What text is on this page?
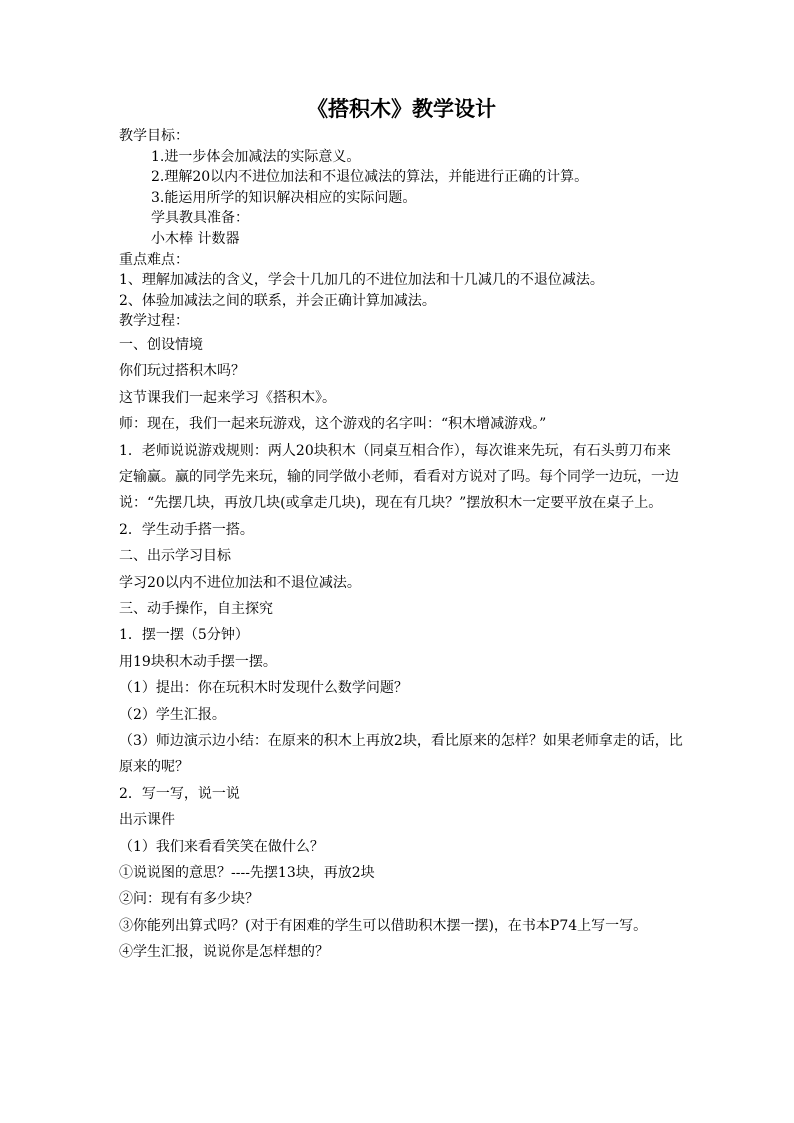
《搭积木》教学设计
教学目标：
1.进一步体会加减法的实际意义。
2.理解20以内不进位加法和不退位减法的算法，并能进行正确的计算。
3.能运用所学的知识解决相应的实际问题。
学具教具准备：
小木棒 计数器
重点难点：
1、理解加减法的含义，学会十几加几的不进位加法和十几减几的不退位减法。
2、体验加减法之间的联系，并会正确计算加减法。
教学过程：
一、创设情境
你们玩过搭积木吗？
这节课我们一起来学习《搭积木》。
师：现在，我们一起来玩游戏，这个游戏的名字叫：“积木增减游戏。”
1．老师说说游戏规则：两人20块积木（同桌互相合作），每次谁来先玩，有石头剪刀布来定输赢。赢的同学先来玩，输的同学做小老师，看看对方说对了吗。每个同学一边玩，一边说：“先摆几块，再放几块(或拿走几块)，现在有几块？”摆放积木一定要平放在桌子上。
2．学生动手搭一搭。
二、出示学习目标
学习20以内不进位加法和不退位减法。
三、动手操作，自主探究
1．摆一摆（5分钟）
用19块积木动手摆一摆。
（1）提出：你在玩积木时发现什么数学问题？
（2）学生汇报。
（3）师边演示边小结：在原来的积木上再放2块，看比原来的怎样？如果老师拿走的话，比原来的呢？
2．写一写，说一说
出示课件
（1）我们来看看笑笑在做什么？
①说说图的意思？----先摆13块，再放2块
②问：现有有多少块？
③你能列出算式吗？(对于有困难的学生可以借助积木摆一摆)，在书本P74上写一写。
④学生汇报，说说你是怎样想的？
